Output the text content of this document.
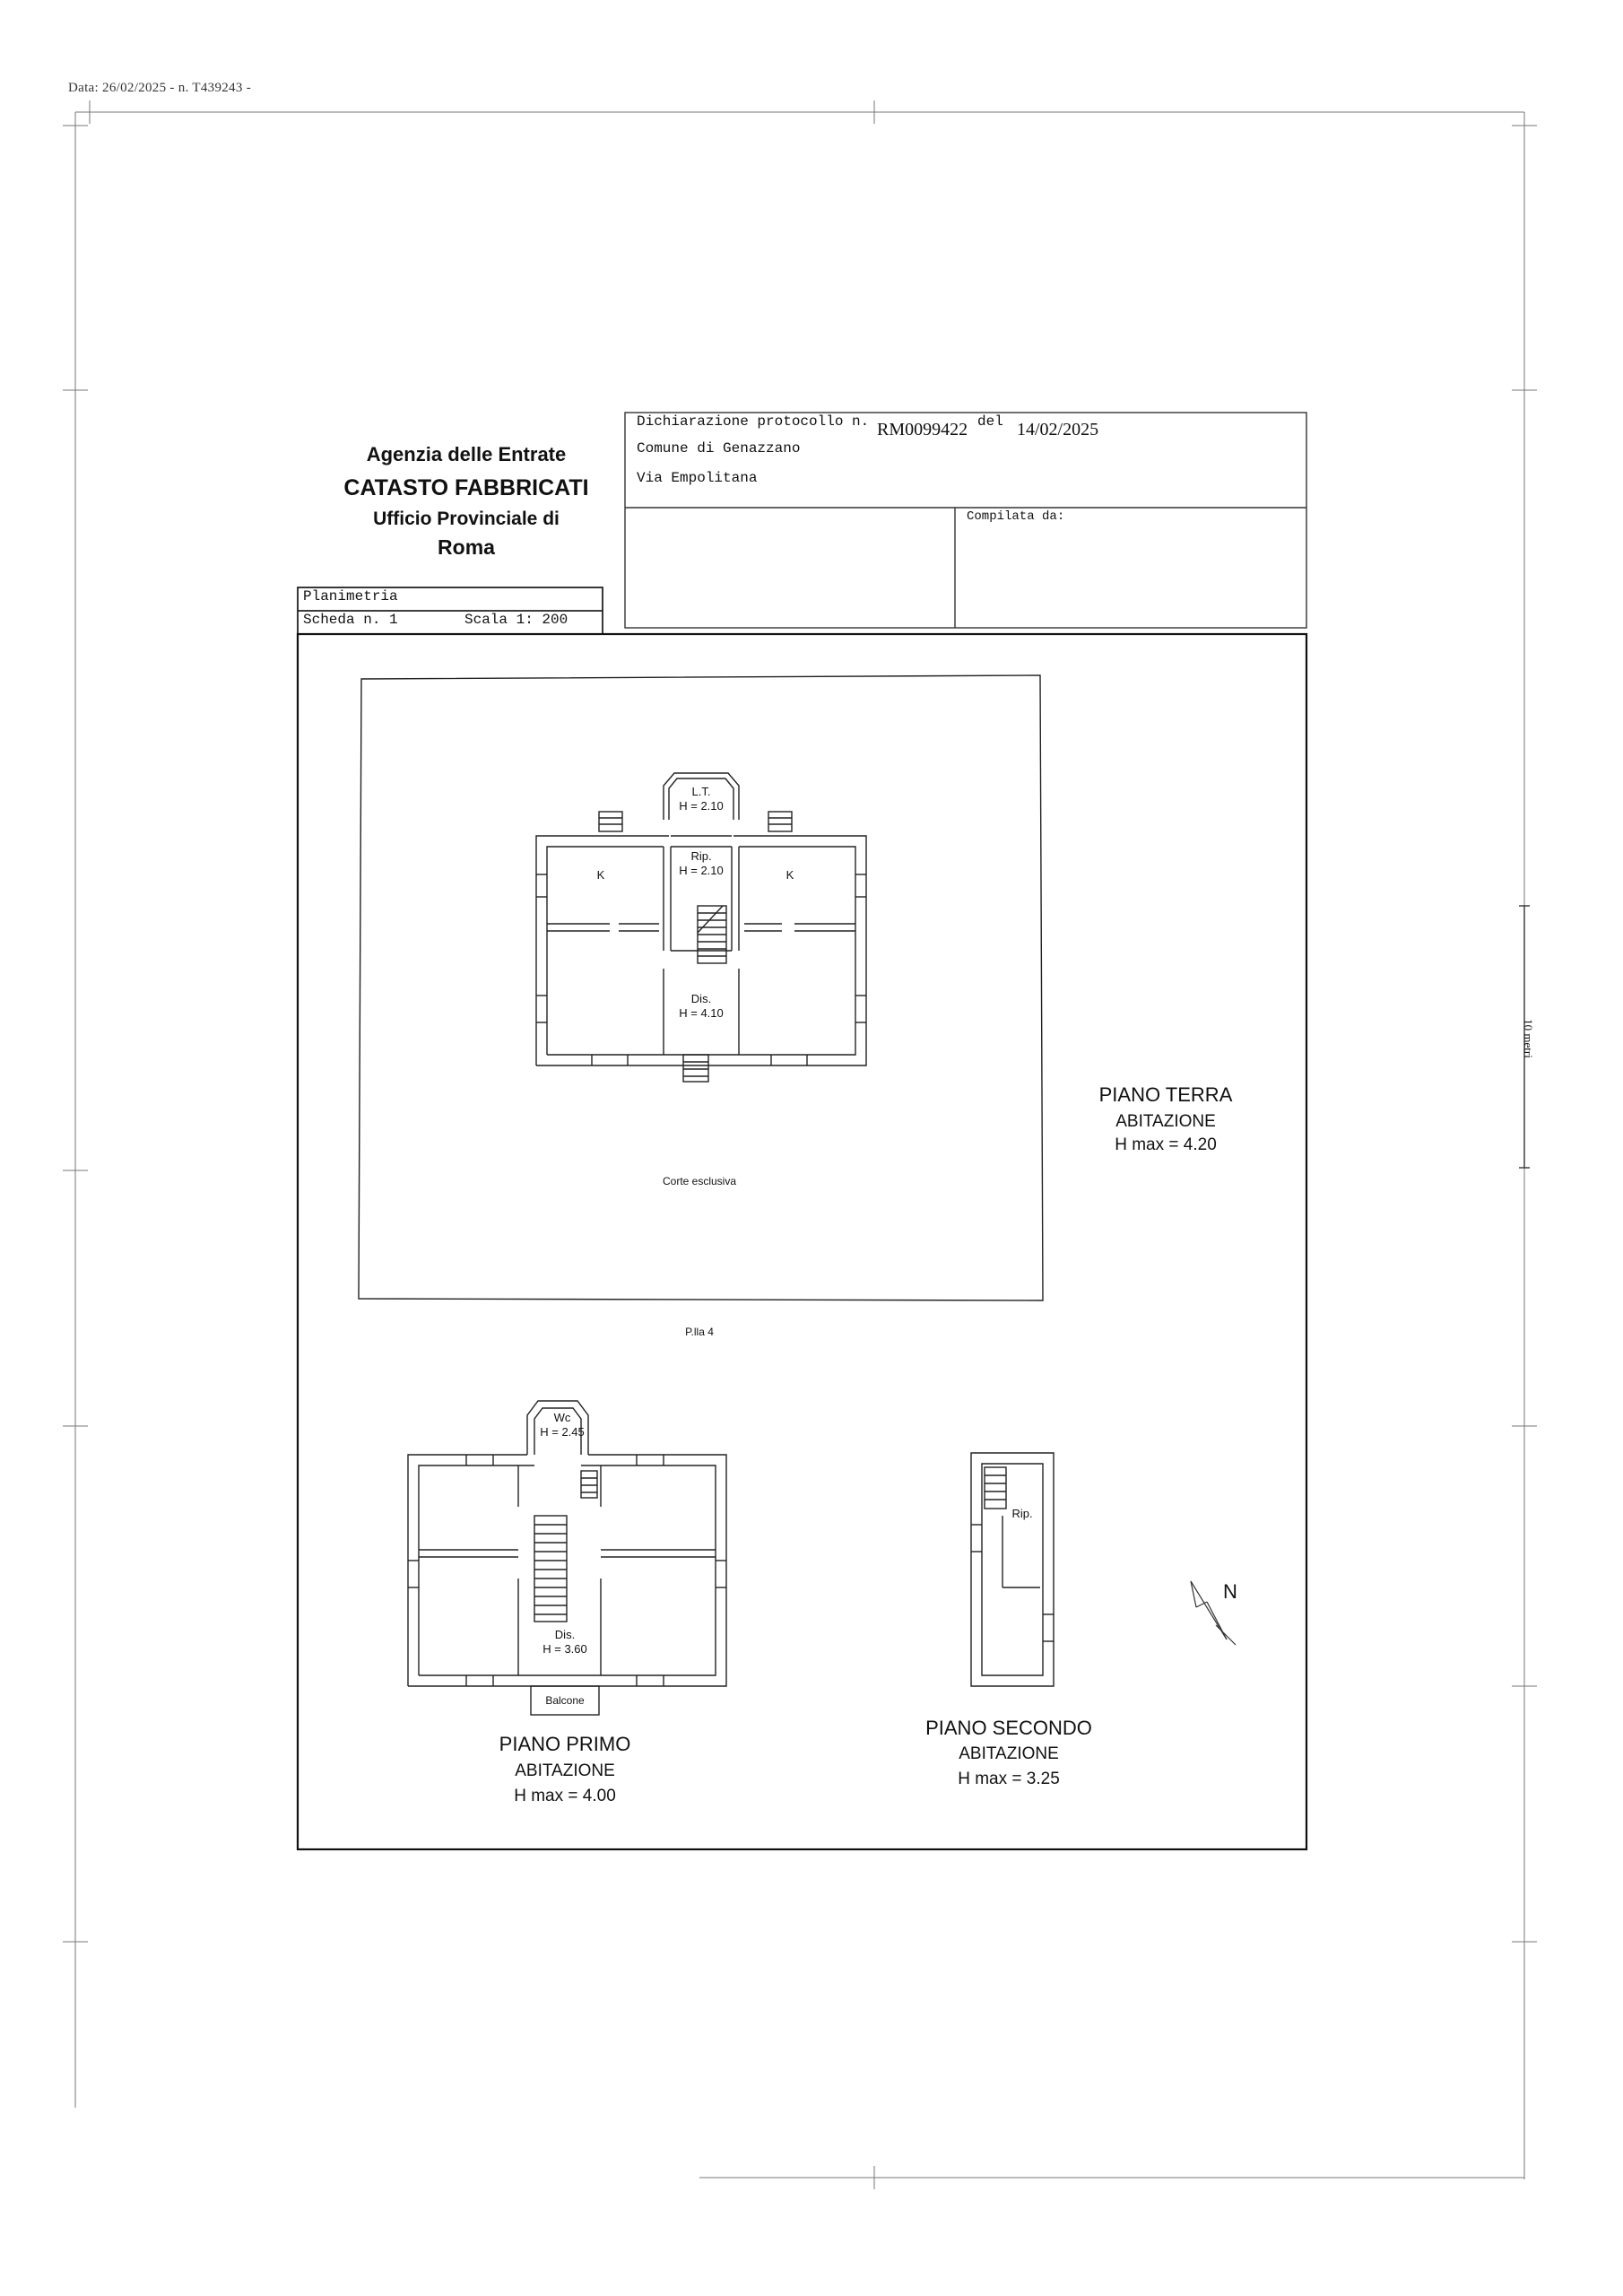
Data: 26/02/2025 - n. T439243 -
Agenzia delle Entrate
CATASTO FABBRICATI
Ufficio Provinciale di
Roma
Dichiarazione protocollo n. RM0099422 del 14/02/2025
Comune di Genazzano
Via Empolitana
Compilata da:
Planimetria
Scheda n. 1	Scala 1: 200
L.T.
H = 2.10
Rip.
H = 2.10
K	K
Dis.
H = 4.10
Corte esclusiva
P.lla 4
PIANO TERRA
ABITAZIONE
H max = 4.20
Wc
H = 2.45
Dis.
H = 3.60
Balcone
PIANO PRIMO
ABITAZIONE
H max = 4.00
Rip.
PIANO SECONDO
ABITAZIONE
H max = 3.25
N
10 metri
